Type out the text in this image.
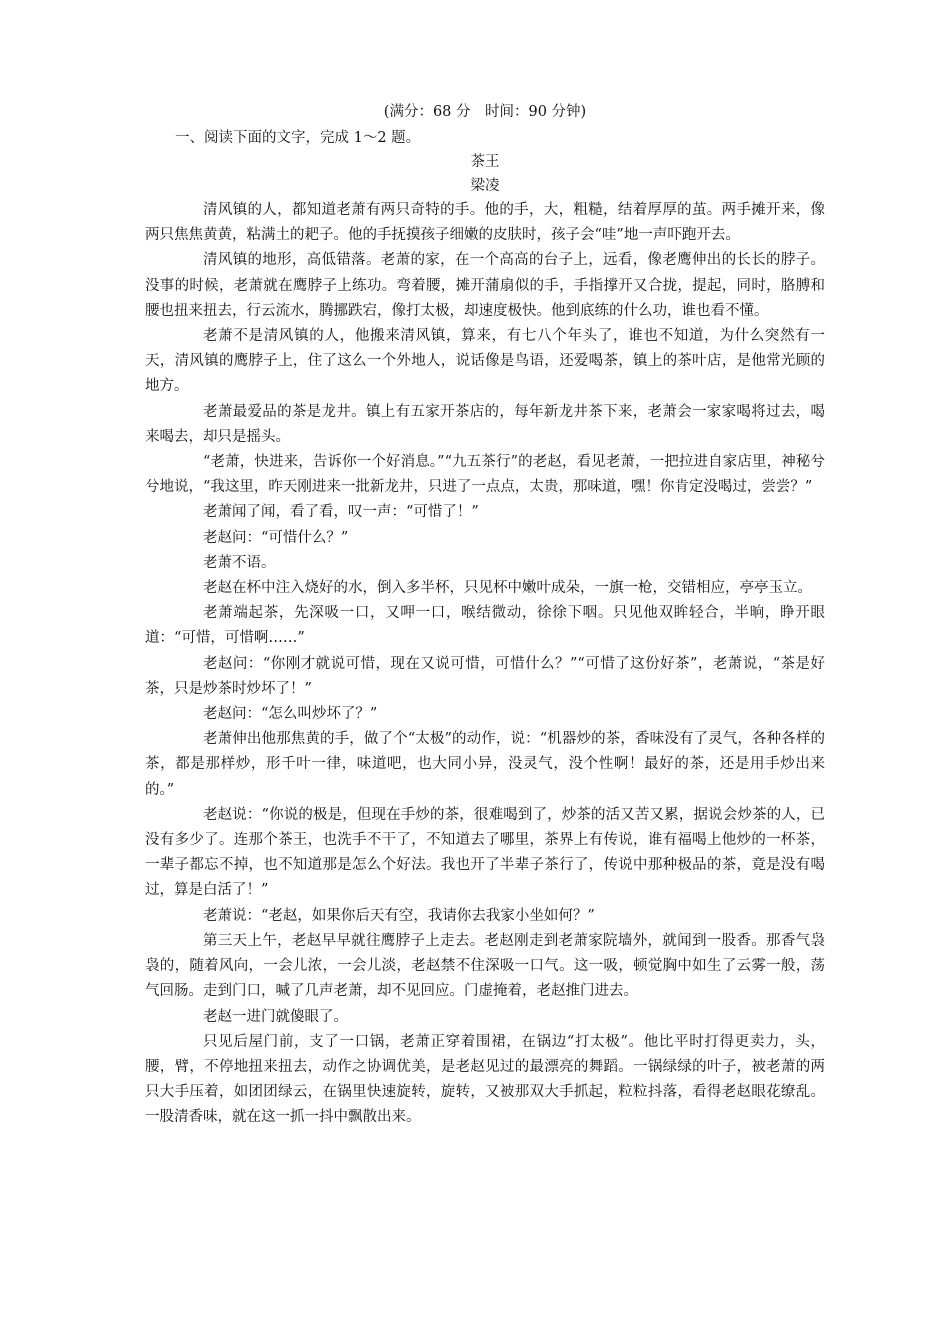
(满分：68 分　时间：90 分钟)
一、阅读下面的文字，完成 1～2 题。
茶王
梁凌

清风镇的人，都知道老萧有两只奇特的手。他的手，大，粗糙，结着厚厚的茧。两手摊开来，像两只焦焦黄黄，粘满土的耙子。他的手抚摸孩子细嫩的皮肤时，孩子会“哇”地一声吓跑开去。

清风镇的地形，高低错落。老萧的家，在一个高高的台子上，远看，像老鹰伸出的长长的脖子。没事的时候，老萧就在鹰脖子上练功。弯着腰，摊开蒲扇似的手，手指撑开又合拢，提起，同时，胳膊和腰也扭来扭去，行云流水，腾挪跌宕，像打太极，却速度极快。他到底练的什么功，谁也看不懂。

老萧不是清风镇的人，他搬来清风镇，算来，有七八个年头了，谁也不知道，为什么突然有一天，清风镇的鹰脖子上，住了这么一个外地人，说话像是鸟语，还爱喝茶，镇上的茶叶店，是他常光顾的地方。

老萧最爱品的茶是龙井。镇上有五家开茶店的，每年新龙井茶下来，老萧会一家家喝将过去，喝来喝去，却只是摇头。

“老萧，快进来，告诉你一个好消息。”“九五茶行”的老赵，看见老萧，一把拉进自家店里，神秘兮兮地说，“我这里，昨天刚进来一批新龙井，只进了一点点，太贵，那味道，嘿！你肯定没喝过，尝尝？”

老萧闻了闻，看了看，叹一声：“可惜了！”

老赵问：“可惜什么？”

老萧不语。

老赵在杯中注入烧好的水，倒入多半杯，只见杯中嫩叶成朵，一旗一枪，交错相应，亭亭玉立。

老萧端起茶，先深吸一口，又呷一口，喉结微动，徐徐下咽。只见他双眸轻合，半晌，睁开眼道：“可惜，可惜啊……”

老赵问：“你刚才就说可惜，现在又说可惜，可惜什么？”“可惜了这份好茶”，老萧说，“茶是好茶，只是炒茶时炒坏了！”

老赵问：“怎么叫炒坏了？”

老萧伸出他那焦黄的手，做了个“太极”的动作，说：“机器炒的茶，香味没有了灵气，各种各样的茶，都是那样炒，形千叶一律，味道吧，也大同小异，没灵气，没个性啊！最好的茶，还是用手炒出来的。”

老赵说：“你说的极是，但现在手炒的茶，很难喝到了，炒茶的活又苦又累，据说会炒茶的人，已没有多少了。连那个茶王，也洗手不干了，不知道去了哪里，茶界上有传说，谁有福喝上他炒的一杯茶，一辈子都忘不掉，也不知道那是怎么个好法。我也开了半辈子茶行了，传说中那种极品的茶，竟是没有喝过，算是白活了！”

老萧说：“老赵，如果你后天有空，我请你去我家小坐如何？”

第三天上午，老赵早早就往鹰脖子上走去。老赵刚走到老萧家院墙外，就闻到一股香。那香气袅袅的，随着风向，一会儿浓，一会儿淡，老赵禁不住深吸一口气。这一吸，顿觉胸中如生了云雾一般，荡气回肠。走到门口，喊了几声老萧，却不见回应。门虚掩着，老赵推门进去。

老赵一进门就傻眼了。

只见后屋门前，支了一口锅，老萧正穿着围裙，在锅边“打太极”。他比平时打得更卖力，头，腰，臂，不停地扭来扭去，动作之协调优美，是老赵见过的最漂亮的舞蹈。一锅绿绿的叶子，被老萧的两只大手压着，如团团绿云，在锅里快速旋转，旋转，又被那双大手抓起，粒粒抖落，看得老赵眼花缭乱。一股清香味，就在这一抓一抖中飘散出来。
